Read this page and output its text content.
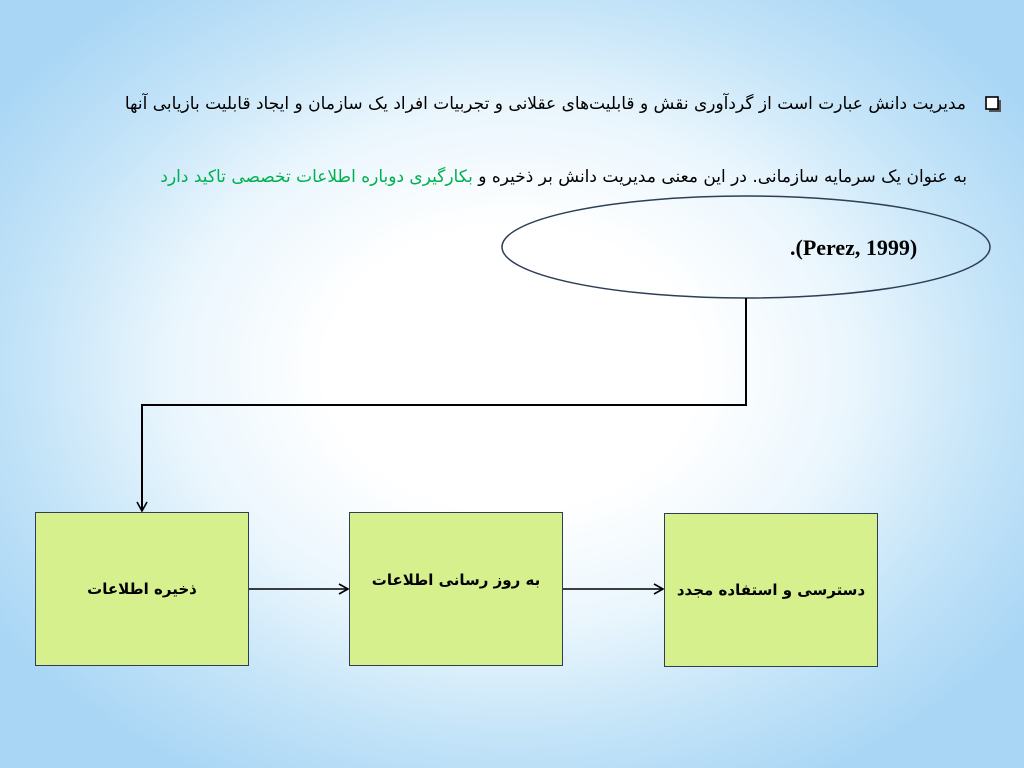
مدیریت دانش عبارت است از گردآوری نقش و قابلیت‌های عقلانی و تجربیات افراد یک سازمان و ایجاد قابلیت بازیابی آنها
به عنوان یک سرمایه سازمانی. در این معنی مدیریت دانش بر ذخیره و بکارگیری دوباره اطلاعات تخصصی تاکید دارد
.(Perez, 1999)
ذخیره اطلاعات	به روز رسانی اطلاعات
دسترسی و استفاده مجدد
